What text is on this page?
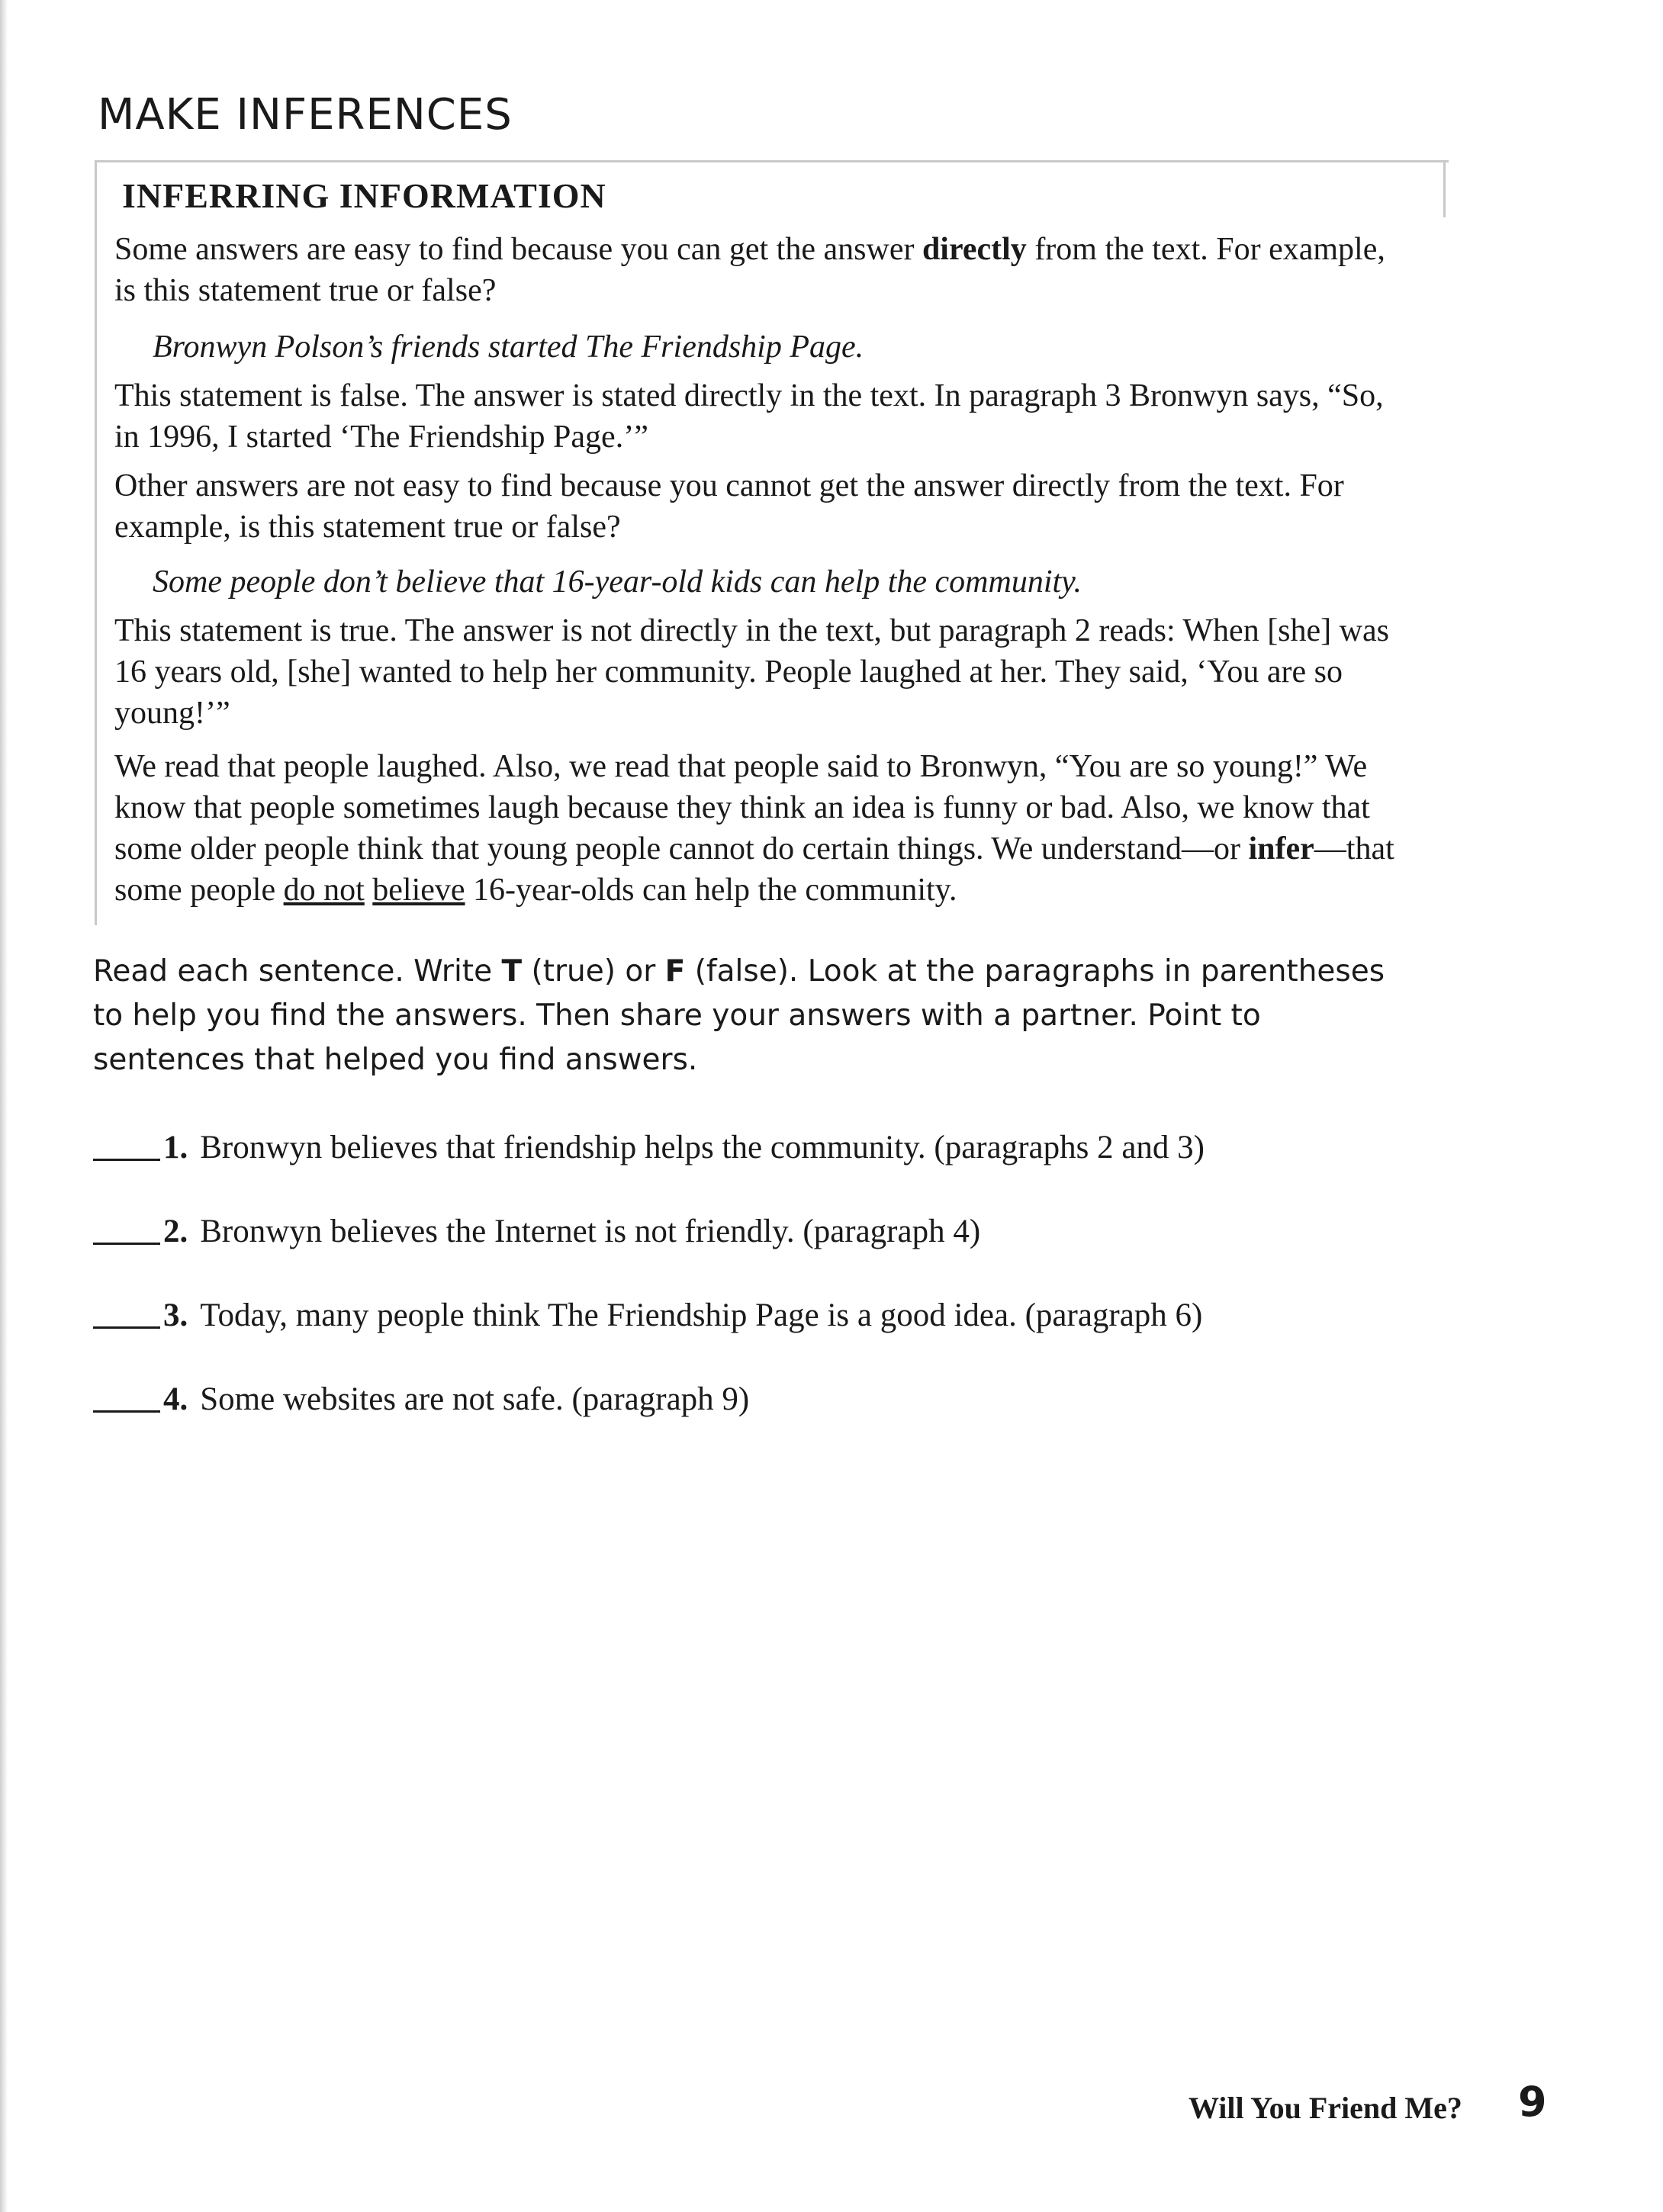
MAKE INFERENCES
INFERRING INFORMATION

Some answers are easy to find because you can get the answer directly from the text. For example, is this statement true or false?

Bronwyn Polson’s friends started The Friendship Page.

This statement is false. The answer is stated directly in the text. In paragraph 3 Bronwyn says, “So, in 1996, I started ‘The Friendship Page.’”

Other answers are not easy to find because you cannot get the answer directly from the text. For example, is this statement true or false?

Some people don’t believe that 16-year-old kids can help the community.

This statement is true. The answer is not directly in the text, but paragraph 2 reads: When [she] was 16 years old, [she] wanted to help her community. People laughed at her. They said, ‘You are so young!’”

We read that people laughed. Also, we read that people said to Bronwyn, “You are so young!” We know that people sometimes laugh because they think an idea is funny or bad. Also, we know that some older people think that young people cannot do certain things. We understand—or infer—that some people do not believe 16-year-olds can help the community.

Read each sentence. Write T (true) or F (false). Look at the paragraphs in parentheses to help you find the answers. Then share your answers with a partner. Point to sentences that helped you find answers.

1. Bronwyn believes that friendship helps the community. (paragraphs 2 and 3)
2. Bronwyn believes the Internet is not friendly. (paragraph 4)
3. Today, many people think The Friendship Page is a good idea. (paragraph 6)
4. Some websites are not safe. (paragraph 9)
Will You Friend Me? 9
